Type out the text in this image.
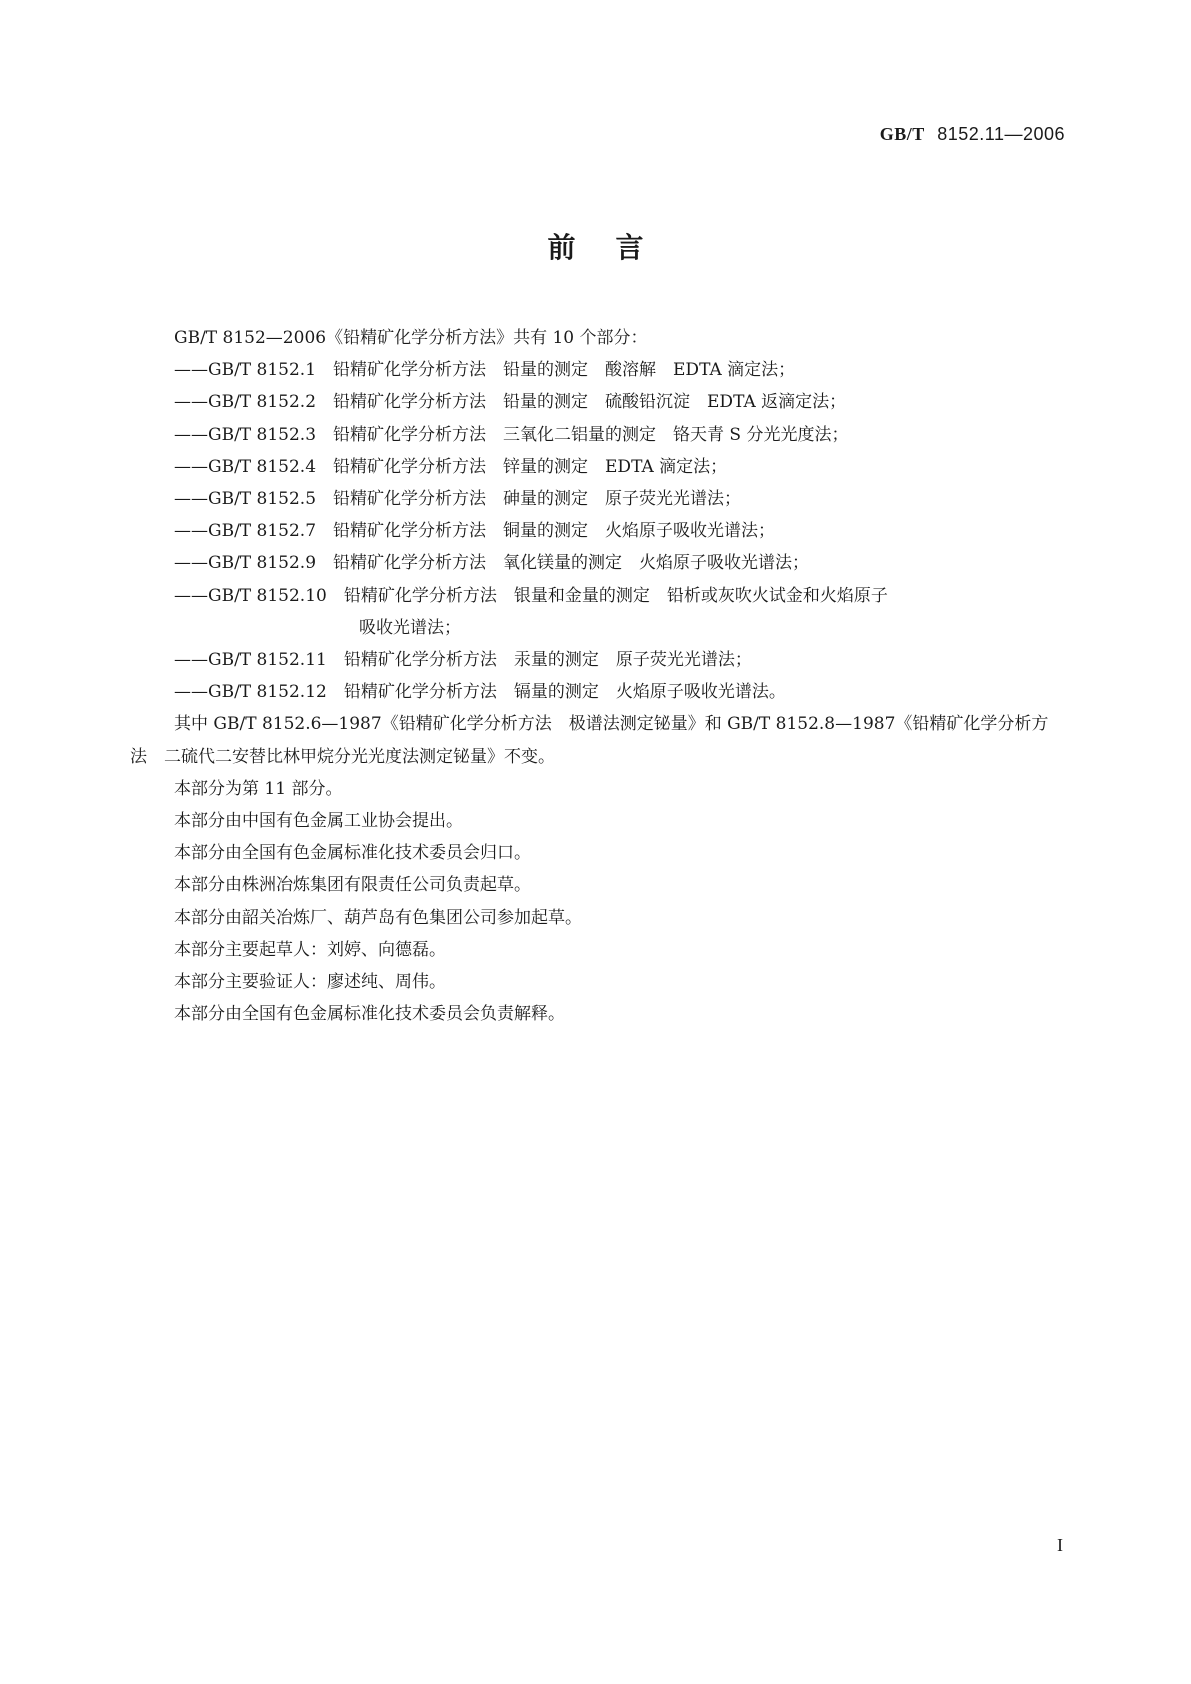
GB/T 8152.11—2006
前言

GB/T 8152—2006《铅精矿化学分析方法》共有 10 个部分：

——GB/T 8152.1　铅精矿化学分析方法　铅量的测定　酸溶解　EDTA 滴定法；

——GB/T 8152.2　铅精矿化学分析方法　铅量的测定　硫酸铅沉淀　EDTA 返滴定法；

——GB/T 8152.3　铅精矿化学分析方法　三氧化二铝量的测定　铬天青 S 分光光度法；

——GB/T 8152.4　铅精矿化学分析方法　锌量的测定　EDTA 滴定法；

——GB/T 8152.5　铅精矿化学分析方法　砷量的测定　原子荧光光谱法；

——GB/T 8152.7　铅精矿化学分析方法　铜量的测定　火焰原子吸收光谱法；

——GB/T 8152.9　铅精矿化学分析方法　氧化镁量的测定　火焰原子吸收光谱法；

——GB/T 8152.10　铅精矿化学分析方法　银量和金量的测定　铅析或灰吹火试金和火焰原子
吸收光谱法；

——GB/T 8152.11　铅精矿化学分析方法　汞量的测定　原子荧光光谱法；

——GB/T 8152.12　铅精矿化学分析方法　镉量的测定　火焰原子吸收光谱法。

其中 GB/T 8152.6—1987《铅精矿化学分析方法　极谱法测定铋量》和 GB/T 8152.8—1987《铅精矿化学分析方法　二硫代二安替比林甲烷分光光度法测定铋量》不变。

本部分为第 11 部分。

本部分由中国有色金属工业协会提出。

本部分由全国有色金属标准化技术委员会归口。

本部分由株洲冶炼集团有限责任公司负责起草。

本部分由韶关冶炼厂、葫芦岛有色集团公司参加起草。

本部分主要起草人：刘婷、向德磊。

本部分主要验证人：廖述纯、周伟。

本部分由全国有色金属标准化技术委员会负责解释。

I
